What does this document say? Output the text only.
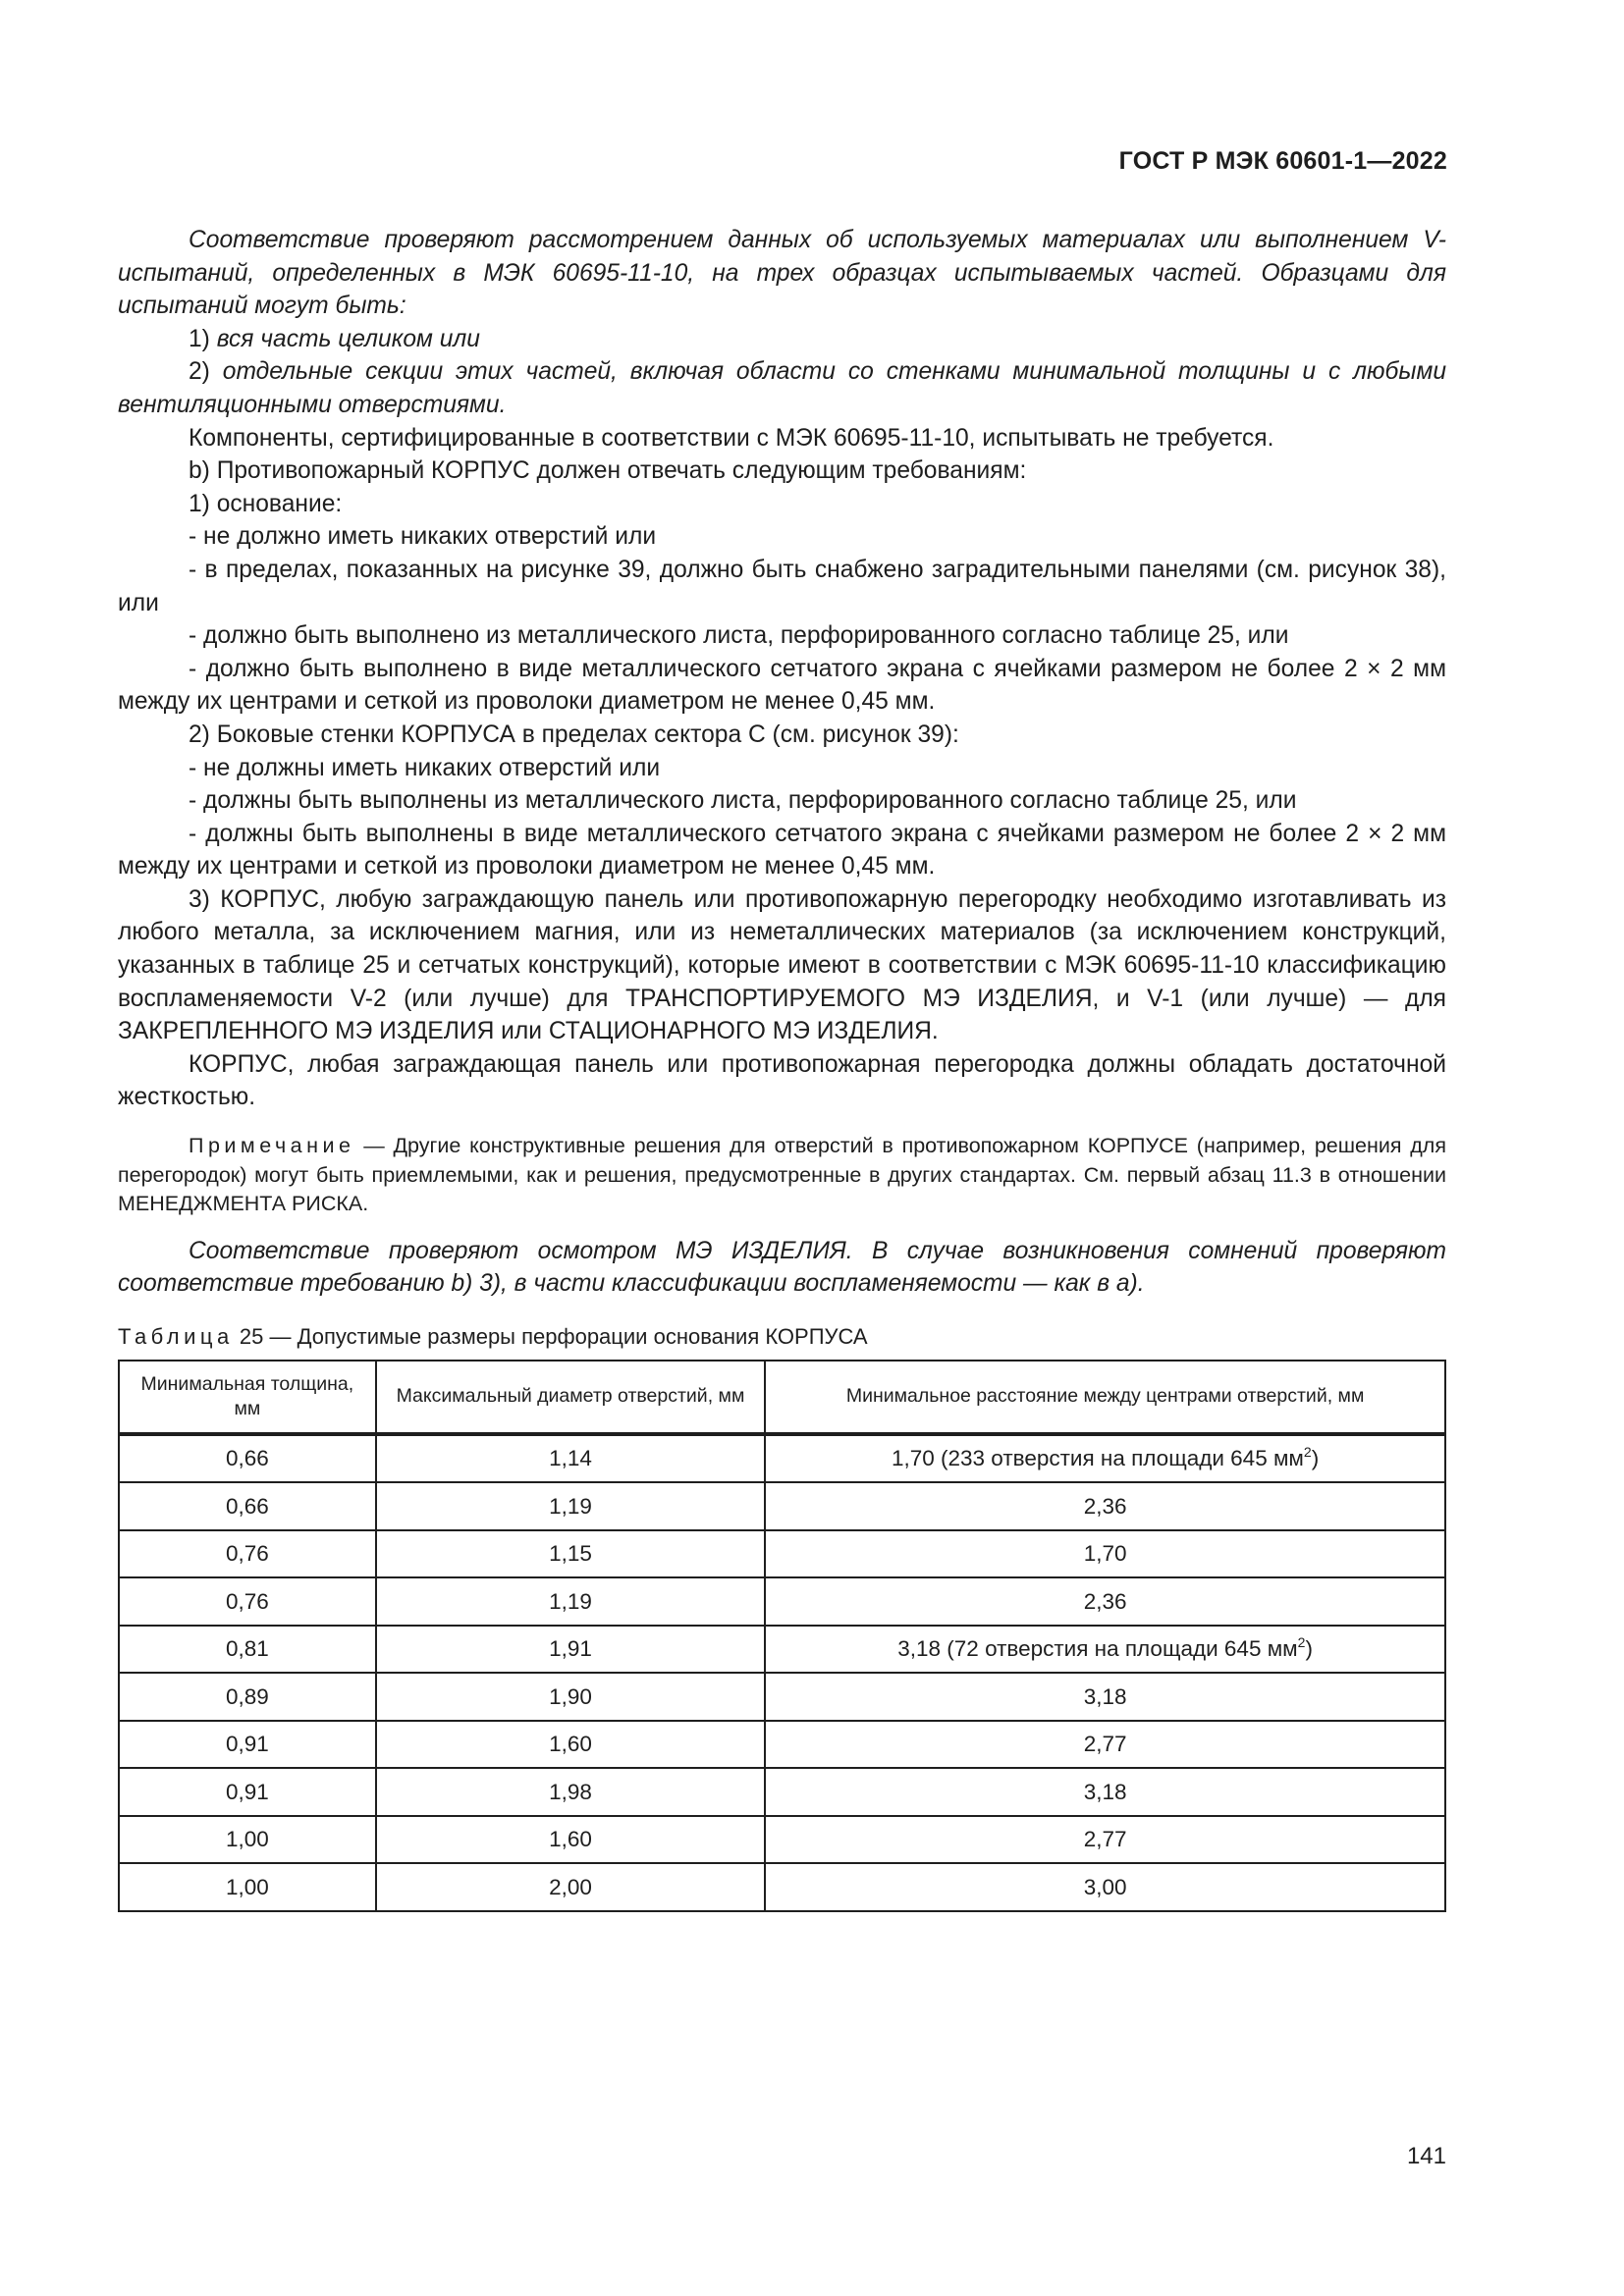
ГОСТ Р МЭК 60601-1—2022

Соответствие проверяют рассмотрением данных об используемых материалах или выполнением V-испытаний, определенных в МЭК 60695-11-10, на трех образцах испытываемых частей. Образцами для испытаний могут быть:

1) вся часть целиком или

2) отдельные секции этих частей, включая области со стенками минимальной толщины и с любыми вентиляционными отверстиями.

Компоненты, сертифицированные в соответствии с МЭК 60695-11-10, испытывать не требуется.

b) Противопожарный КОРПУС должен отвечать следующим требованиям:

1) основание:

- не должно иметь никаких отверстий или

- в пределах, показанных на рисунке 39, должно быть снабжено заградительными панелями (см. рисунок 38), или

- должно быть выполнено из металлического листа, перфорированного согласно таблице 25, или

- должно быть выполнено в виде металлического сетчатого экрана с ячейками размером не более 2 × 2 мм между их центрами и сеткой из проволоки диаметром не менее 0,45 мм.

2) Боковые стенки КОРПУСА в пределах сектора С (см. рисунок 39):

- не должны иметь никаких отверстий или

- должны быть выполнены из металлического листа, перфорированного согласно таблице 25, или

- должны быть выполнены в виде металлического сетчатого экрана с ячейками размером не более 2 × 2 мм между их центрами и сеткой из проволоки диаметром не менее 0,45 мм.

3) КОРПУС, любую заграждающую панель или противопожарную перегородку необходимо изготавливать из любого металла, за исключением магния, или из неметаллических материалов (за исключением конструкций, указанных в таблице 25 и сетчатых конструкций), которые имеют в соответствии с МЭК 60695-11-10 классификацию воспламеняемости V-2 (или лучше) для ТРАНСПОРТИРУЕМОГО МЭ ИЗДЕЛИЯ, и V-1 (или лучше) — для ЗАКРЕПЛЕННОГО МЭ ИЗДЕЛИЯ или СТАЦИОНАРНОГО МЭ ИЗДЕЛИЯ.

КОРПУС, любая заграждающая панель или противопожарная перегородка должны обладать достаточной жесткостью.

Примечание — Другие конструктивные решения для отверстий в противопожарном КОРПУСЕ (например, решения для перегородок) могут быть приемлемыми, как и решения, предусмотренные в других стандартах. См. первый абзац 11.3 в отношении МЕНЕДЖМЕНТА РИСКА.

Соответствие проверяют осмотром МЭ ИЗДЕЛИЯ. В случае возникновения сомнений проверяют соответствие требованию b) 3), в части классификации воспламеняемости — как в а).

Таблица 25 — Допустимые размеры перфорации основания КОРПУСА
Минимальная толщина, мм	Максимальный диаметр отверстий, мм	Минимальное расстояние между центрами отверстий, мм
0,66	1,14	1,70 (233 отверстия на площади 645 $мм^2$)
0,66	1,19	2,36
0,76	1,15	1,70
0,76	1,19	2,36
0,81	1,91	3,18 (72 отверстия на площади 645 $мм^2$)
0,89	1,90	3,18
0,91	1,60	2,77
0,91	1,98	3,18
1,00	1,60	2,77
1,00	2,00	3,00
141
